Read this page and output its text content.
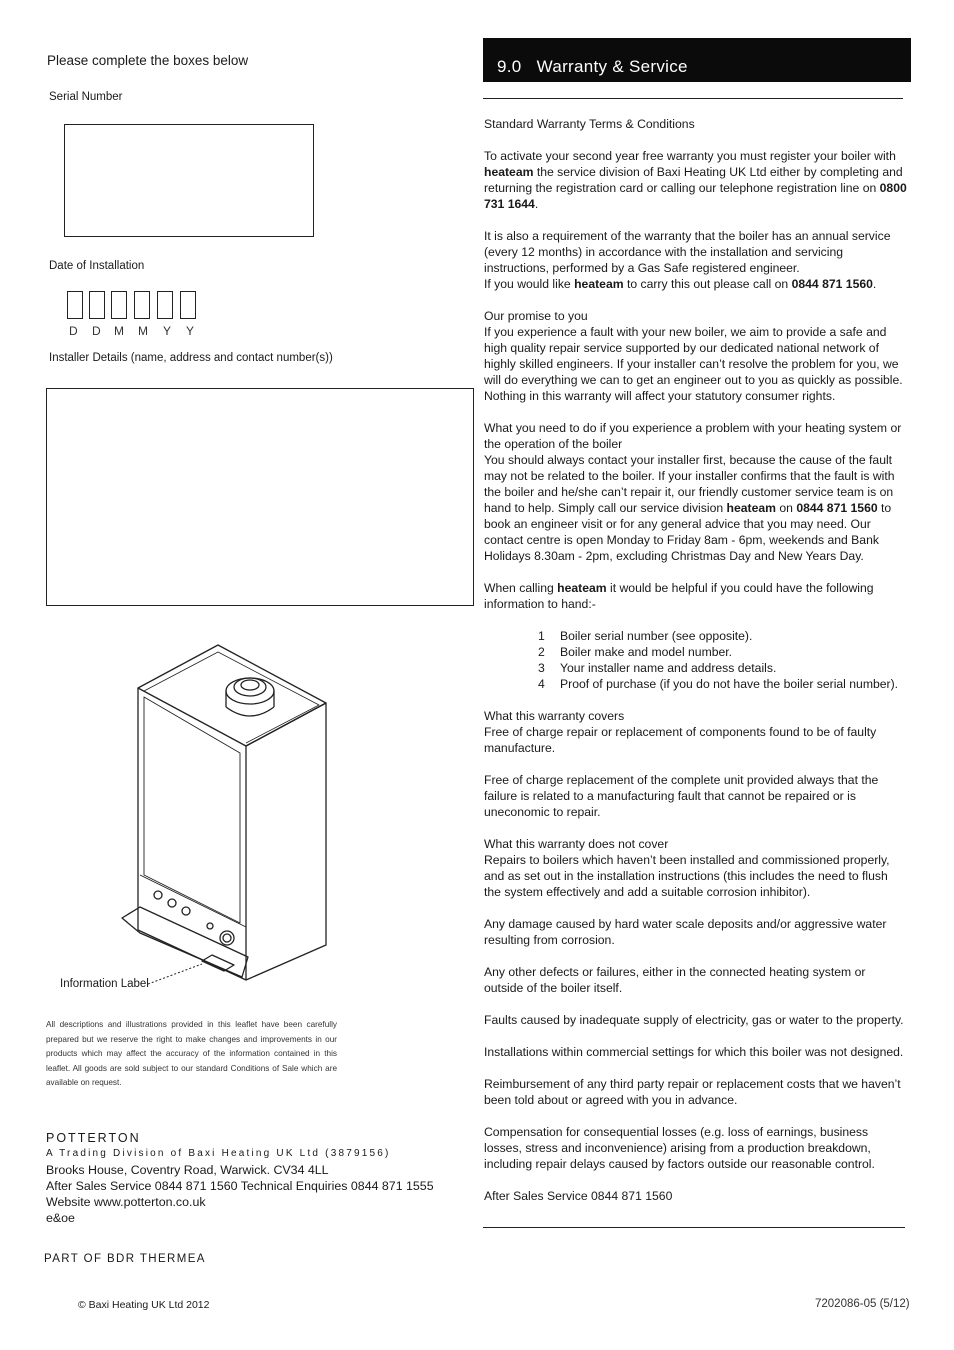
Please complete the boxes below
Serial Number
Date of Installation
D D M M Y Y
Installer Details (name, address and contact number(s))
Information Label
All descriptions and illustrations provided in this leaflet have been carefully prepared but we reserve the right to make changes and improvements in our products which may affect the accuracy of the information contained in this leaflet. All goods are sold subject to our standard Conditions of Sale which are available on request.
POTTERTON
A Trading Division of Baxi Heating UK Ltd (3879156)
Brooks House, Coventry Road, Warwick. CV34 4LL
After Sales Service 0844 871 1560 Technical Enquiries 0844 871 1555
Website www.potterton.co.uk
e&oe
PART OF BDR THERMEA
© Baxi Heating UK Ltd 2012
9.0   Warranty & Service

Standard Warranty Terms & Conditions

To activate your second year free warranty you must register your boiler with heateam the service division of Baxi Heating UK Ltd either by completing and returning the registration card or calling our telephone registration line on 0800 731 1644.

It is also a requirement of the warranty that the boiler has an annual service (every 12 months) in accordance with the installation and servicing instructions, performed by a Gas Safe registered engineer.

If you would like heateam to carry this out please call on 0844 871 1560.

Our promise to you

If you experience a fault with your new boiler, we aim to provide a safe and high quality repair service supported by our dedicated national network of highly skilled engineers. If your installer can’t resolve the problem for you, we will do everything we can to get an engineer out to you as quickly as possible. Nothing in this warranty will affect your statutory consumer rights.

What you need to do if you experience a problem with your heating system or the operation of the boiler

You should always contact your installer first, because the cause of the fault may not be related to the boiler. If your installer confirms that the fault is with the boiler and he/she can’t repair it, our friendly customer service team is on hand to help. Simply call our service division heateam on 0844 871 1560 to book an engineer visit or for any general advice that you may need. Our contact centre is open Monday to Friday 8am - 6pm, weekends and Bank Holidays 8.30am - 2pm, excluding Christmas Day and New Years Day.

When calling heateam it would be helpful if you could have the following information to hand:-

1 Boiler serial number (see opposite).
2 Boiler make and model number.
3 Your installer name and address details.
4 Proof of purchase (if you do not have the boiler serial number).

What this warranty covers

Free of charge repair or replacement of components found to be of faulty manufacture.

Free of charge replacement of the complete unit provided always that the failure is related to a manufacturing fault that cannot be repaired or is uneconomic to repair.

What this warranty does not cover

Repairs to boilers which haven’t been installed and commissioned properly, and as set out in the installation instructions (this includes the need to flush the system effectively and add a suitable corrosion inhibitor).

Any damage caused by hard water scale deposits and/or aggressive water resulting from corrosion.

Any other defects or failures, either in the connected heating system or outside of the boiler itself.

Faults caused by inadequate supply of electricity, gas or water to the property.

Installations within commercial settings for which this boiler was not designed.

Reimbursement of any third party repair or replacement costs that we haven’t been told about or agreed with you in advance.

Compensation for consequential losses (e.g. loss of earnings, business losses, stress and inconvenience) arising from a production breakdown, including repair delays caused by factors outside our reasonable control.

After Sales Service 0844 871 1560

7202086-05 (5/12)
